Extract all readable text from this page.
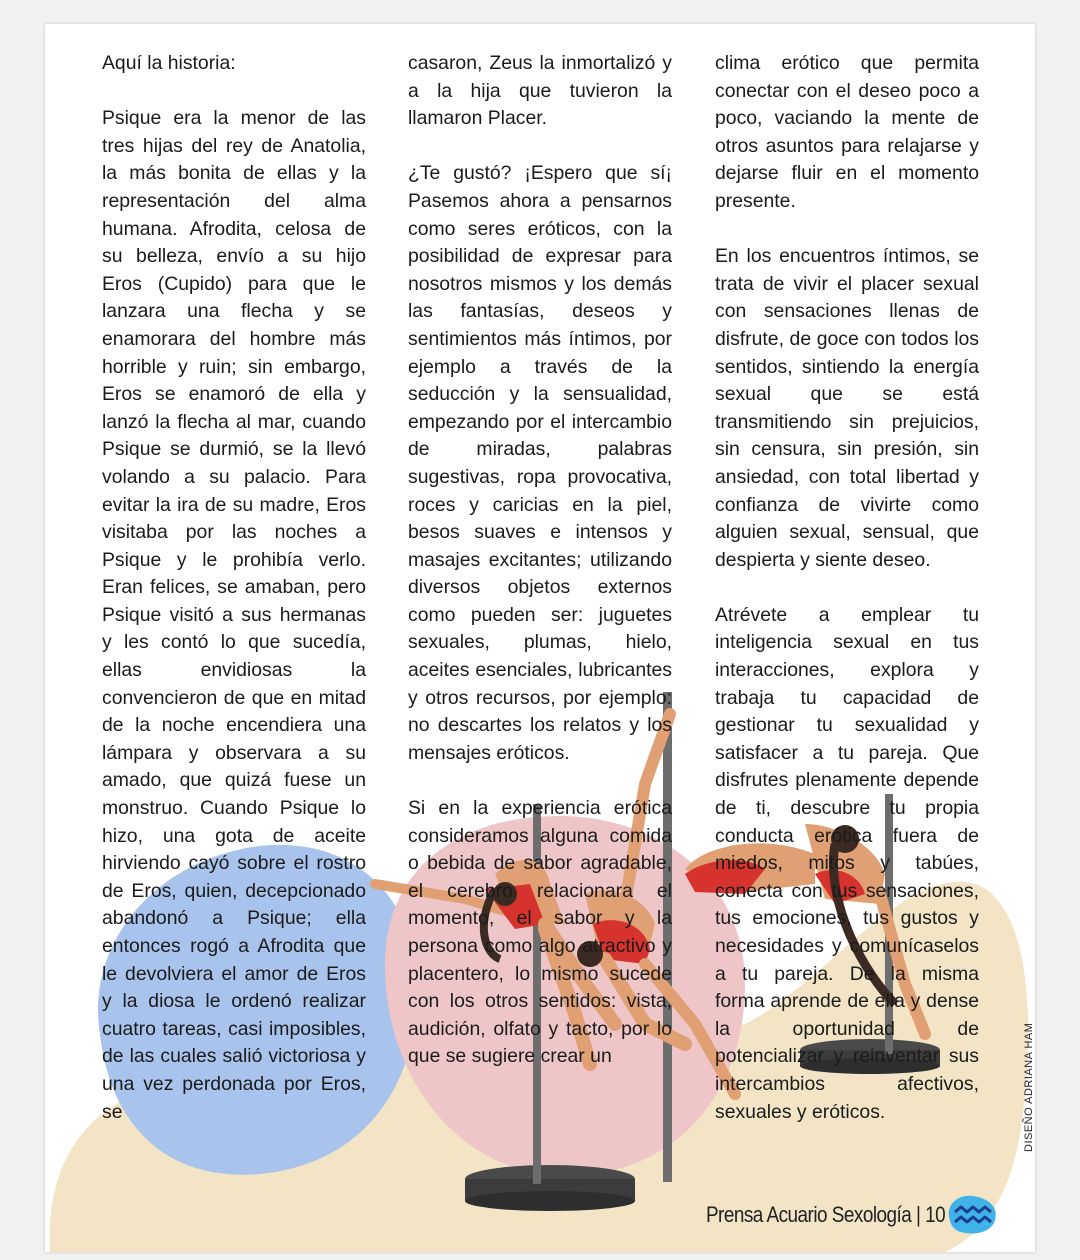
Aquí la historia:

Psique era la menor de las tres hijas del rey de Anatolia, la más bonita de ellas y la representación del alma humana. Afrodita, celosa de su belleza, envío a su hijo Eros (Cupido) para que le lanzara una flecha y se enamorara del hombre más horrible y ruin; sin embargo, Eros se enamoró de ella y lanzó la flecha al mar, cuando Psique se durmió, se la llevó volando a su palacio. Para evitar la ira de su madre, Eros visitaba por las noches a Psique y le prohibía verlo. Eran felices, se amaban, pero Psique visitó a sus hermanas y les contó lo que sucedía, ellas envidiosas la convencieron de que en mitad de la noche encendiera una lámpara y observara a su amado, que quizá fuese un monstruo. Cuando Psique lo hizo, una gota de aceite hirviendo cayó sobre el rostro de Eros, quien, decepcionado abandonó a Psique; ella entonces rogó a Afrodita que le devolviera el amor de Eros y la diosa le ordenó realizar cuatro tareas, casi imposibles, de las cuales salió victoriosa y una vez perdonada por Eros, se

casaron, Zeus la inmortalizó y a la hija que tuvieron la llamaron Placer.

¿Te gustó? ¡Espero que sí¡ Pasemos ahora a pensarnos como seres eróticos, con la posibilidad de expresar para nosotros mismos y los demás las fantasías, deseos y sentimientos más íntimos, por ejemplo a través de la seducción y la sensualidad, empezando por el intercambio de miradas, palabras sugestivas, ropa provocativa, roces y caricias en la piel, besos suaves e intensos y masajes excitantes; utilizando diversos objetos externos como pueden ser: juguetes sexuales, plumas, hielo, aceites esenciales, lubricantes y otros recursos, por ejemplo: no descartes los relatos y los mensajes eróticos.

Si en la experiencia erótica consideramos alguna comida o bebida de sabor agradable, el cerebro relacionara el momento, el sabor y la persona como algo atractivo y placentero, lo mismo sucede con los otros sentidos: vista, audición, olfato y tacto, por lo que se sugiere crear un

clima erótico que permita conectar con el deseo poco a poco, vaciando la mente de otros asuntos para relajarse y dejarse fluir en el momento presente.

En los encuentros íntimos, se trata de vivir el placer sexual con sensaciones llenas de disfrute, de goce con todos los sentidos, sintiendo la energía sexual que se está transmitiendo sin prejuicios, sin censura, sin presión, sin ansiedad, con total libertad y confianza de vivirte como alguien sexual, sensual, que despierta y siente deseo.

Atrévete a emplear tu inteligencia sexual en tus interacciones, explora y trabaja tu capacidad de gestionar tu sexualidad y satisfacer a tu pareja. Que disfrutes plenamente depende de ti, descubre tu propia conducta erótica fuera de miedos, mitos y tabúes, conecta con tus sensaciones, tus emociones, tus gustos y necesidades y comunícaselos a tu pareja. De la misma forma aprende de ella y dense la oportunidad de potencializar y reinventar sus intercambios afectivos, sexuales y eróticos.	DISEÑO ADRIANA HAM
DISEÑO ADRI
Prensa Acuario Sexología | 10
